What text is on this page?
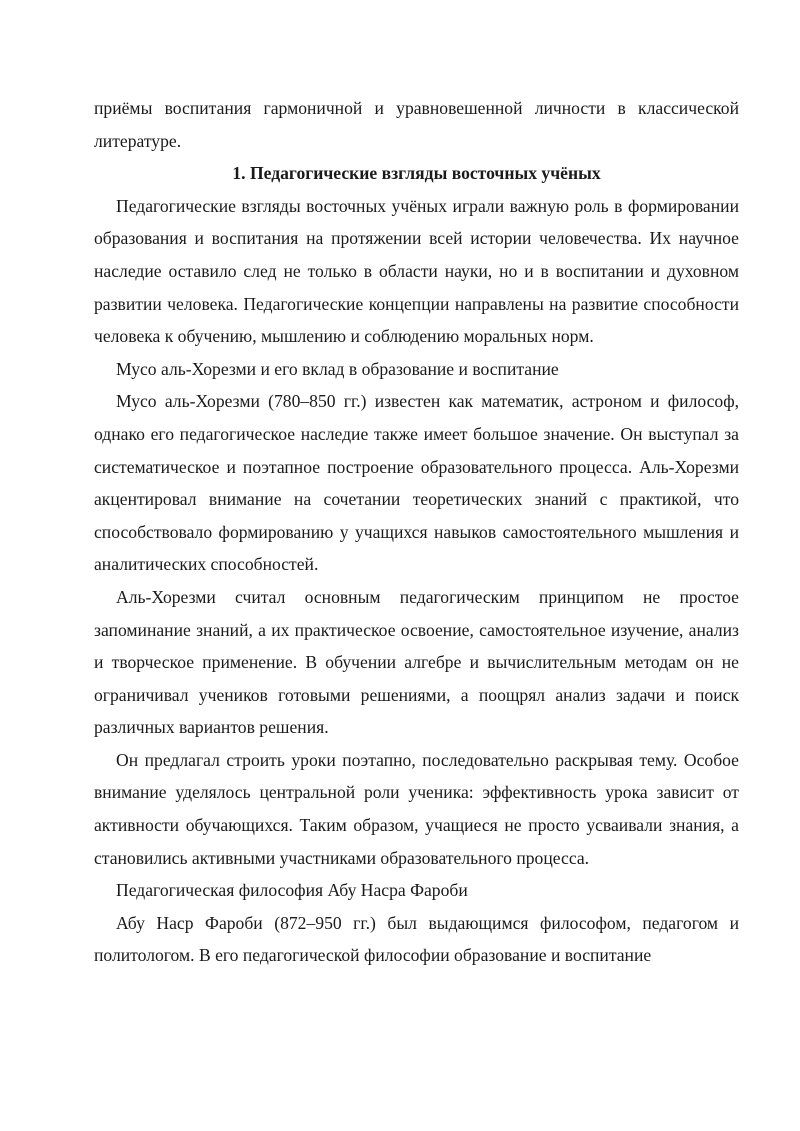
приёмы воспитания гармоничной и уравновешенной личности в классической литературе.

1. Педагогические взгляды восточных учёных

Педагогические взгляды восточных учёных играли важную роль в формировании образования и воспитания на протяжении всей истории человечества. Их научное наследие оставило след не только в области науки, но и в воспитании и духовном развитии человека. Педагогические концепции направлены на развитие способности человека к обучению, мышлению и соблюдению моральных норм.

Мусо аль-Хорезми и его вклад в образование и воспитание

Мусо аль-Хорезми (780–850 гг.) известен как математик, астроном и философ, однако его педагогическое наследие также имеет большое значение. Он выступал за систематическое и поэтапное построение образовательного процесса. Аль-Хорезми акцентировал внимание на сочетании теоретических знаний с практикой, что способствовало формированию у учащихся навыков самостоятельного мышления и аналитических способностей.

Аль-Хорезми считал основным педагогическим принципом не простое запоминание знаний, а их практическое освоение, самостоятельное изучение, анализ и творческое применение. В обучении алгебре и вычислительным методам он не ограничивал учеников готовыми решениями, а поощрял анализ задачи и поиск различных вариантов решения.

Он предлагал строить уроки поэтапно, последовательно раскрывая тему. Особое внимание уделялось центральной роли ученика: эффективность урока зависит от активности обучающихся. Таким образом, учащиеся не просто усваивали знания, а становились активными участниками образовательного процесса.

Педагогическая философия Абу Насра Фароби

Абу Наср Фароби (872–950 гг.) был выдающимся философом, педагогом и политологом. В его педагогической философии образование и воспитание
